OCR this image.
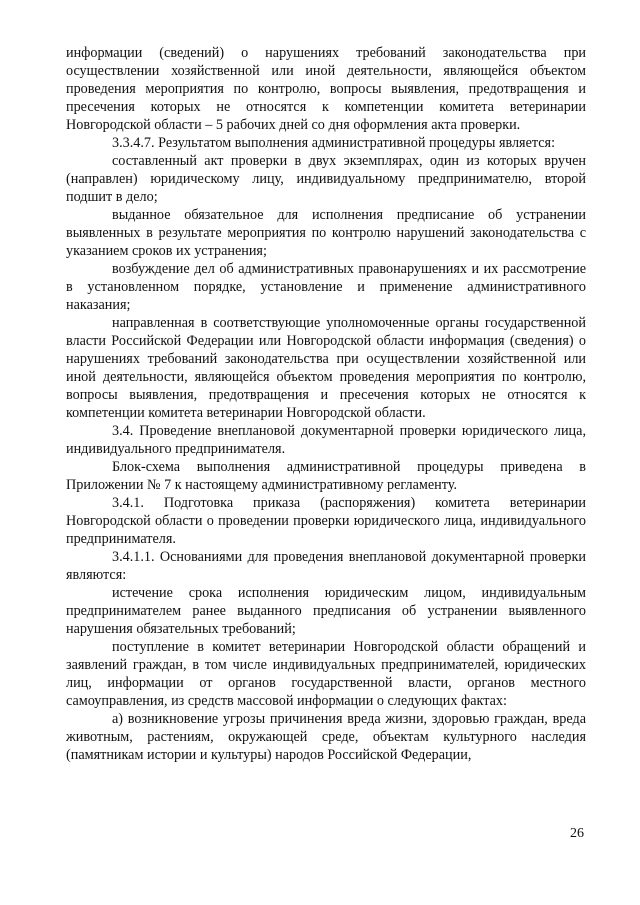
информации (сведений) о нарушениях требований законодательства при осуществлении хозяйственной или иной деятельности, являющейся объектом проведения мероприятия по контролю, вопросы выявления, предотвращения и пресечения которых не относятся к компетенции комитета ветеринарии Новгородской области – 5 рабочих дней со дня оформления акта проверки.

3.3.4.7. Результатом выполнения административной процедуры является:

составленный акт проверки в двух экземплярах, один из которых вручен (направлен) юридическому лицу, индивидуальному предпринимателю, второй подшит в дело;

выданное обязательное для исполнения предписание об устранении выявленных в результате мероприятия по контролю нарушений законодательства с указанием сроков их устранения;

возбуждение дел об административных правонарушениях и их рассмотрение в установленном порядке, установление и применение административного наказания;

направленная в соответствующие уполномоченные органы государственной власти Российской Федерации или Новгородской области информация (сведения) о нарушениях требований законодательства при осуществлении хозяйственной или иной деятельности, являющейся объектом проведения мероприятия по контролю, вопросы выявления, предотвращения и пресечения которых не относятся к компетенции комитета ветеринарии Новгородской области.

3.4. Проведение внеплановой документарной проверки юридического лица, индивидуального предпринимателя.

Блок-схема выполнения административной процедуры приведена в Приложении № 7 к настоящему административному регламенту.

3.4.1. Подготовка приказа (распоряжения) комитета ветеринарии Новгородской области о проведении проверки юридического лица, индивидуального предпринимателя.

3.4.1.1. Основаниями для проведения внеплановой документарной проверки являются:

истечение срока исполнения юридическим лицом, индивидуальным предпринимателем ранее выданного предписания об устранении выявленного нарушения обязательных требований;

поступление в комитет ветеринарии Новгородской области обращений и заявлений граждан, в том числе индивидуальных предпринимателей, юридических лиц, информации от органов государственной власти, органов местного самоуправления, из средств массовой информации о следующих фактах:

а) возникновение угрозы причинения вреда жизни, здоровью граждан, вреда животным, растениям, окружающей среде, объектам культурного наследия (памятникам истории и культуры) народов Российской Федерации,

26
